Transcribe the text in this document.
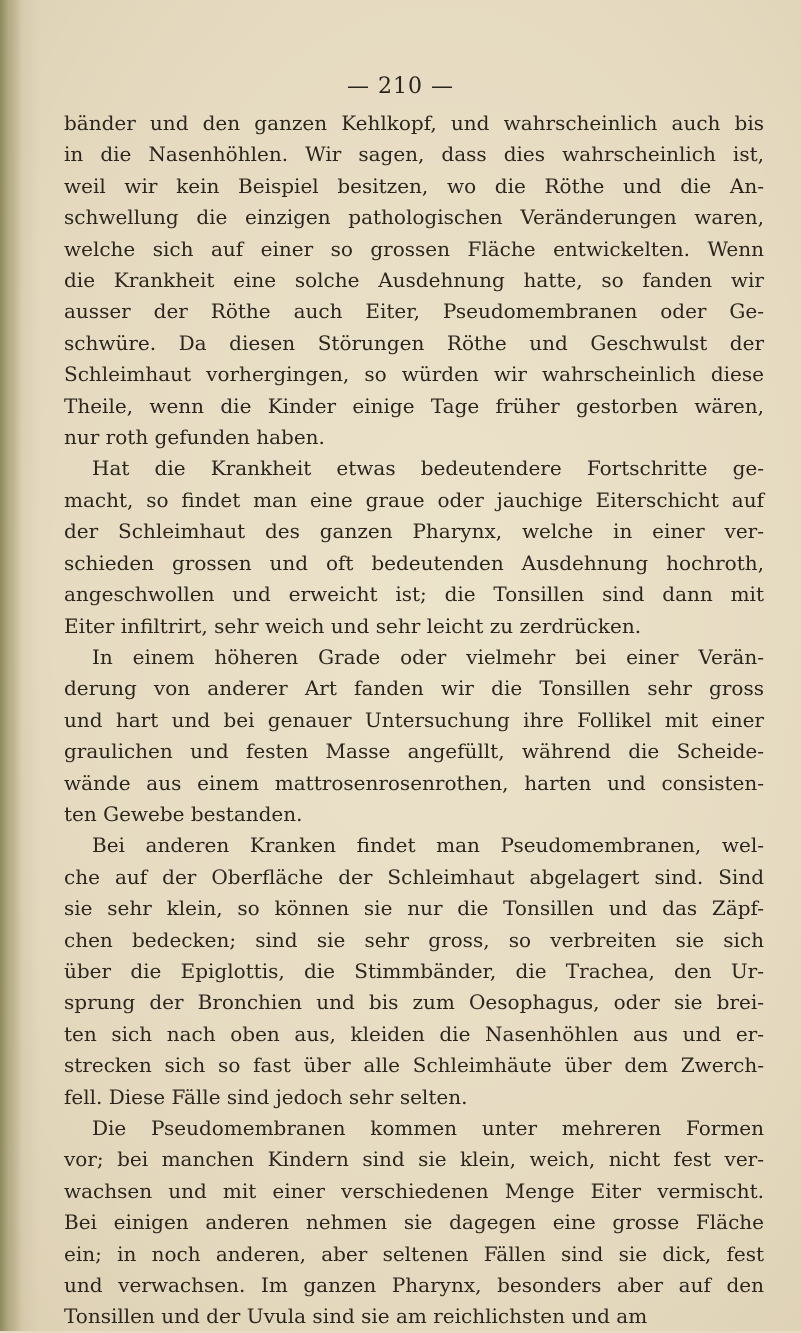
— 210 —
bänder und den ganzen Kehlkopf, und wahrscheinlich auch bis
in die Nasenhöhlen. Wir sagen, dass dies wahrscheinlich ist,
weil wir kein Beispiel besitzen, wo die Röthe und die An-
schwellung die einzigen pathologischen Veränderungen waren,
welche sich auf einer so grossen Fläche entwickelten. Wenn
die Krankheit eine solche Ausdehnung hatte, so fanden wir
ausser der Röthe auch Eiter, Pseudomembranen oder Ge-
schwüre. Da diesen Störungen Röthe und Geschwulst der
Schleimhaut vorhergingen, so würden wir wahrscheinlich diese
Theile, wenn die Kinder einige Tage früher gestorben wären,
nur roth gefunden haben.
Hat die Krankheit etwas bedeutendere Fortschritte ge-
macht, so findet man eine graue oder jauchige Eiterschicht auf
der Schleimhaut des ganzen Pharynx, welche in einer ver-
schieden grossen und oft bedeutenden Ausdehnung hochroth,
angeschwollen und erweicht ist; die Tonsillen sind dann mit
Eiter infiltrirt, sehr weich und sehr leicht zu zerdrücken.
In einem höheren Grade oder vielmehr bei einer Verän-
derung von anderer Art fanden wir die Tonsillen sehr gross
und hart und bei genauer Untersuchung ihre Follikel mit einer
graulichen und festen Masse angefüllt, während die Scheide-
wände aus einem mattrosenrosenrothen, harten und consisten-
ten Gewebe bestanden.
Bei anderen Kranken findet man Pseudomembranen, wel-
che auf der Oberfläche der Schleimhaut abgelagert sind. Sind
sie sehr klein, so können sie nur die Tonsillen und das Zäpf-
chen bedecken; sind sie sehr gross, so verbreiten sie sich
über die Epiglottis, die Stimmbänder, die Trachea, den Ur-
sprung der Bronchien und bis zum Oesophagus, oder sie brei-
ten sich nach oben aus, kleiden die Nasenhöhlen aus und er-
strecken sich so fast über alle Schleimhäute über dem Zwerch-
fell. Diese Fälle sind jedoch sehr selten.
Die Pseudomembranen kommen unter mehreren Formen
vor; bei manchen Kindern sind sie klein, weich, nicht fest ver-
wachsen und mit einer verschiedenen Menge Eiter vermischt.
Bei einigen anderen nehmen sie dagegen eine grosse Fläche
ein; in noch anderen, aber seltenen Fällen sind sie dick, fest
und verwachsen. Im ganzen Pharynx, besonders aber auf den
Tonsillen und der Uvula sind sie am reichlichsten und am
